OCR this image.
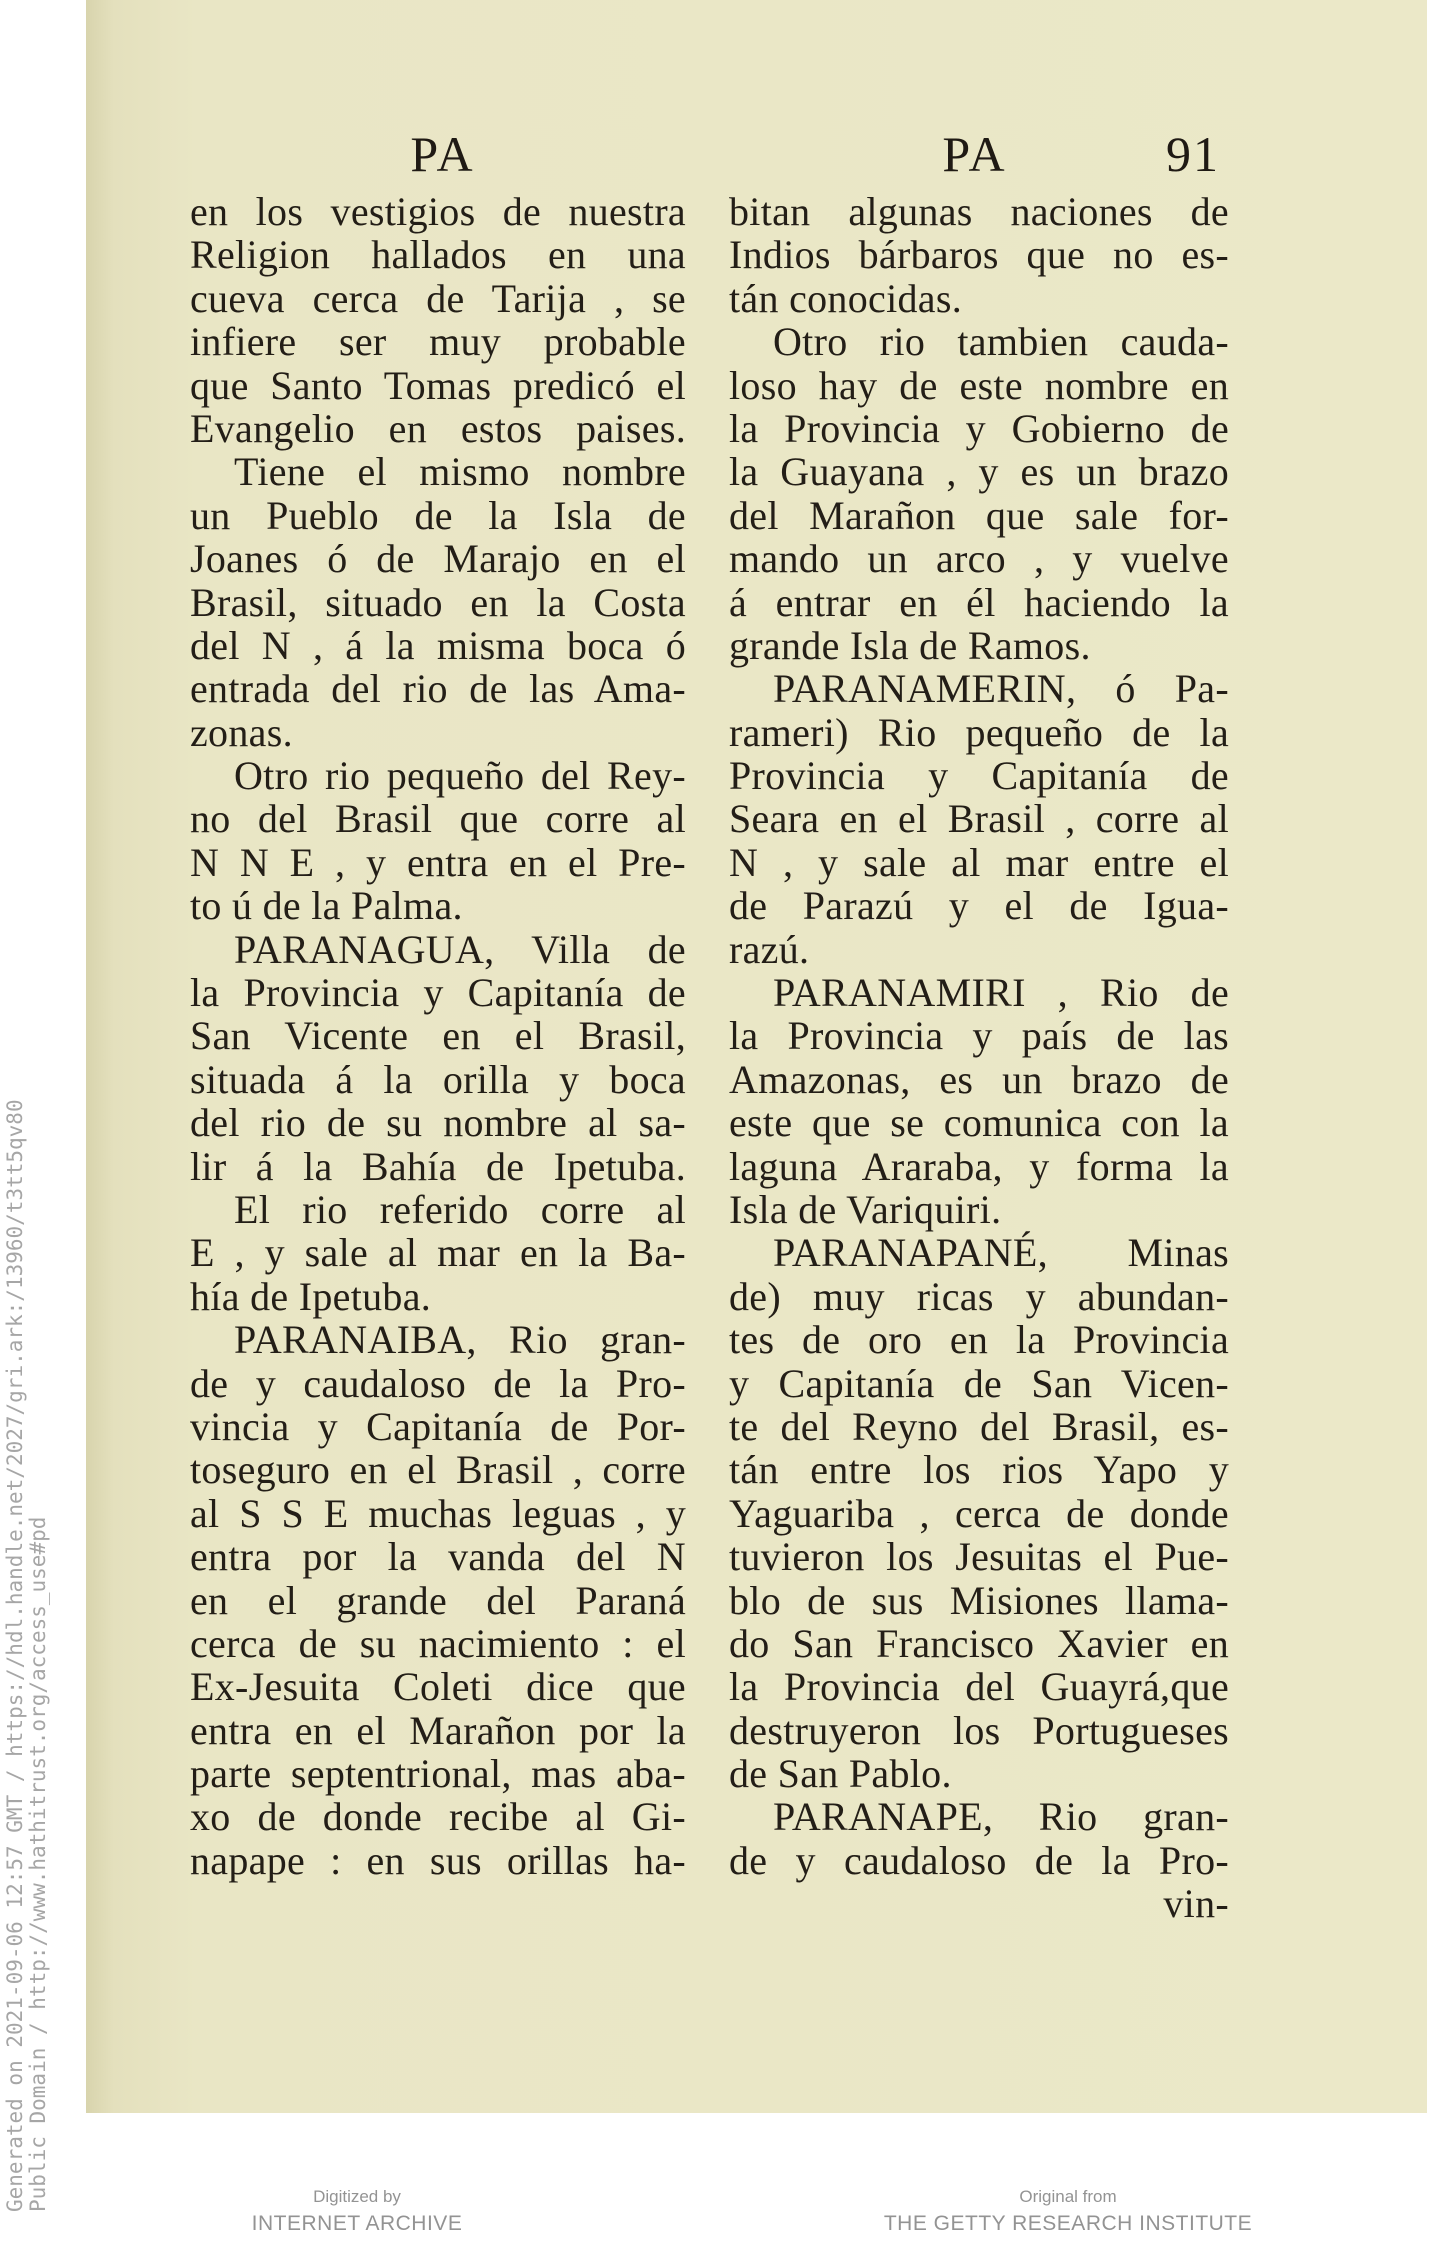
PA	PA	91
en los vestigios de nuestra
Religion hallados en una
cueva cerca de Tarija , se
infiere ser muy probable
que Santo Tomas predicó el
Evangelio en estos paises.
Tiene el mismo nombre
un Pueblo de la Isla de
Joanes ó de Marajo en el
Brasil, situado en la Costa
del N , á la misma boca ó
entrada del rio de las Ama-
zonas.
Otro rio pequeño del Rey-
no del Brasil que corre al
N N E , y entra en el Pre-
to ú de la Palma.
PARANAGUA, Villa de
la Provincia y Capitanía de
San Vicente en el Brasil,
situada á la orilla y boca
del rio de su nombre al sa-
lir á la Bahía de Ipetuba.
El rio referido corre al
E , y sale al mar en la Ba-
hía de Ipetuba.
PARANAIBA, Rio gran-
de y caudaloso de la Pro-
vincia y Capitanía de Por-
toseguro en el Brasil , corre
al S S E muchas leguas , y
entra por la vanda del N
en el grande del Paraná
cerca de su nacimiento : el
Ex-Jesuita Coleti dice que
entra en el Marañon por la
parte septentrional, mas aba-
xo de donde recibe al Gi-
napape : en sus orillas ha-
bitan algunas naciones de
Indios bárbaros que no es-
tán conocidas.
Otro rio tambien cauda-
loso hay de este nombre en
la Provincia y Gobierno de
la Guayana , y es un brazo
del Marañon que sale for-
mando un arco , y vuelve
á entrar en él haciendo la
grande Isla de Ramos.
PARANAMERIN, ó Pa-
rameri) Rio pequeño de la
Provincia y Capitanía de
Seara en el Brasil , corre al
N , y sale al mar entre el
de Parazú y el de Igua-
razú.
PARANAMIRI , Rio de
la Provincia y país de las
Amazonas, es un brazo de
este que se comunica con la
laguna Araraba, y forma la
Isla de Variquiri.
PARANAPANÉ, Minas
de) muy ricas y abundan-
tes de oro en la Provincia
y Capitanía de San Vicen-
te del Reyno del Brasil, es-
tán entre los rios Yapo y
Yaguariba , cerca de donde
tuvieron los Jesuitas el Pue-
blo de sus Misiones llama-
do San Francisco Xavier en
la Provincia del Guayrá,que
destruyeron los Portugueses
de San Pablo.
PARANAPE, Rio gran-
de y caudaloso de la Pro-
vin-
Generated on 2021-09-06 12:57 GMT / https://hdl.handle.net/2027/gri.ark:/13960/t3tt5qv80 Public Domain / http://www.hathitrust.org/access_use#pd	Digitized by
INTERNET ARCHIVE
Original from
THE GETTY RESEARCH INSTITUTE
